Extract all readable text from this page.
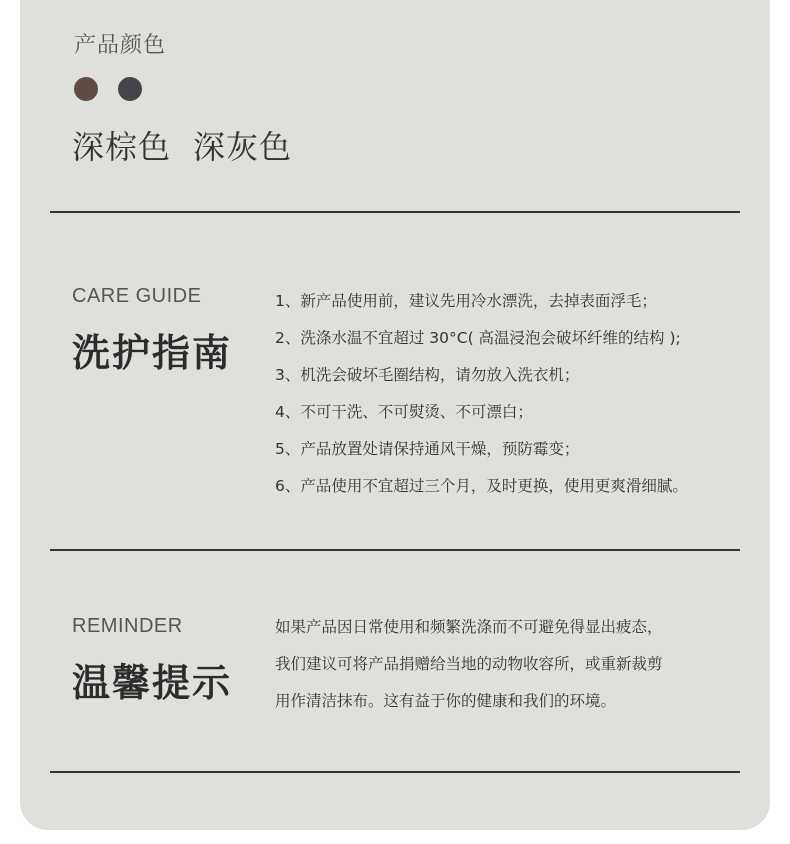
产品颜色
深棕色 深灰色
CARE GUIDE
洗护指南
1、新产品使用前，建议先用冷水漂洗，去掉表面浮毛；
2、洗涤水温不宜超过 30°C( 高温浸泡会破坏纤维的结构 );
3、机洗会破坏毛圈结构，请勿放入洗衣机；
4、不可干洗、不可熨烫、不可漂白；
5、产品放置处请保持通风干燥，预防霉变；
6、产品使用不宜超过三个月，及时更换，使用更爽滑细腻。
REMINDER
温馨提示
如果产品因日常使用和频繁洗涤而不可避免得显出疲态，
我们建议可将产品捐赠给当地的动物收容所，或重新裁剪
用作清洁抹布。这有益于你的健康和我们的环境。
